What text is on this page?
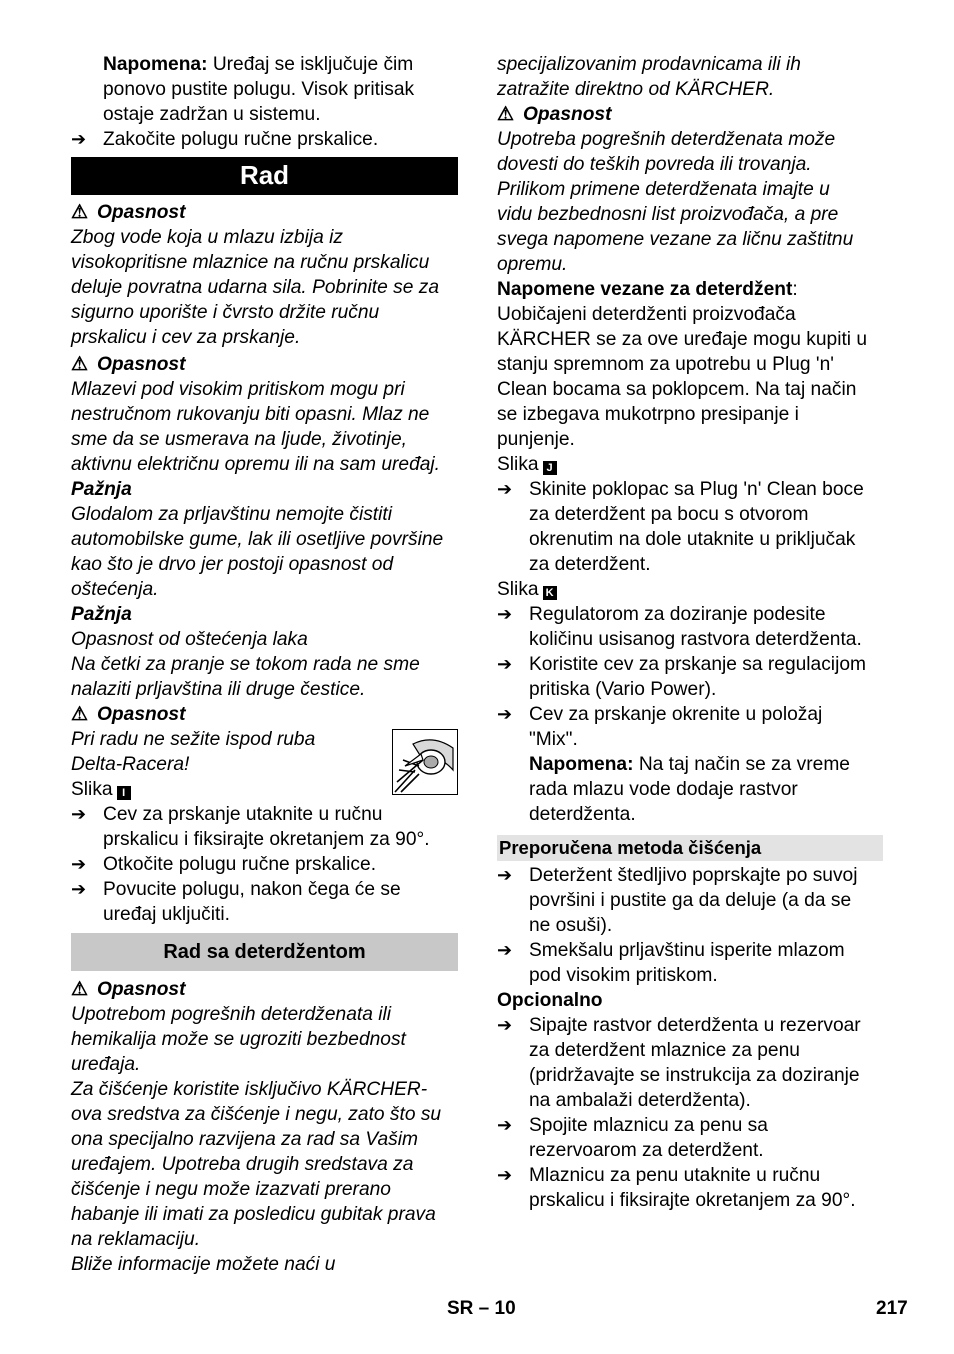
Napomena: Uređaj se isključuje čim
ponovo pustite polugu. Visok pritisak
ostaje zadržan u sistemu.

➔ Zakočite polugu ručne prskalice.

Rad

⚠ Opasnost

Zbog vode koja u mlazu izbija iz
visokopritisne mlaznice na ručnu prskalicu
deluje povratna udarna sila. Pobrinite se za
sigurno uporište i čvrsto držite ručnu
prskalicu i cev za prskanje.

⚠ Opasnost

Mlazevi pod visokim pritiskom mogu pri
nestručnom rukovanju biti opasni. Mlaz ne
sme da se usmerava na ljude, životinje,
aktivnu električnu opremu ili na sam uređaj.

Pažnja

Glodalom za prljavštinu nemojte čistiti
automobilske gume, lak ili osetljive površine
kao što je drvo jer postoji opasnost od
oštećenja.

Pažnja

Opasnost od oštećenja laka
Na četki za pranje se tokom rada ne sme
nalaziti prljavština ili druge čestice.

⚠ Opasnost

Pri radu ne sežite ispod ruba
Delta-Racera!

Slika I

➔ Cev za prskanje utaknite u ručnu
prskalicu i fiksirajte okretanjem za 90°.

➔ Otkočite polugu ručne prskalice.

➔ Povucite polugu, nakon čega će se
uređaj uključiti.

Rad sa deterdžentom

⚠ Opasnost

Upotrebom pogrešnih deterdženata ili
hemikalija može se ugroziti bezbednost
uređaja.
Za čišćenje koristite isključivo KÄRCHER-
ova sredstva za čišćenje i negu, zato što su
ona specijalno razvijena za rad sa Vašim
uređajem. Upotreba drugih sredstava za
čišćenje i negu može izazvati prerano
habanje ili imati za posledicu gubitak prava
na reklamaciju.
Bliže informacije možete naći u

specijalizovanim prodavnicama ili ih
zatražite direktno od KÄRCHER.

⚠ Opasnost

Upotreba pogrešnih deterdženata može
dovesti do teških povreda ili trovanja.
Prilikom primene deterdženata imajte u
vidu bezbednosni list proizvođača, a pre
svega napomene vezane za ličnu zaštitnu
opremu.

Napomene vezane za deterdžent:

Uobičajeni deterdženti proizvođača
KÄRCHER se za ove uređaje mogu kupiti u
stanju spremnom za upotrebu u Plug 'n'
Clean bocama sa poklopcem. Na taj način
se izbegava mukotrpno presipanje i
punjenje.

Slika J

➔ Skinite poklopac sa Plug 'n' Clean boce
za deterdžent pa bocu s otvorom
okrenutim na dole utaknite u priključak
za deterdžent.

Slika K

➔ Regulatorom za doziranje podesite
količinu usisanog rastvora deterdženta.

➔ Koristite cev za prskanje sa regulacijom
pritiska (Vario Power).

➔ Cev za prskanje okrenite u položaj
"Mix".

Napomena: Na taj način se za vreme
rada mlazu vode dodaje rastvor
deterdženta.

Preporučena metoda čišćenja

➔ Deteržent štedljivo poprskajte po suvoj
površini i pustite ga da deluje (a da se
ne osuši).

➔ Smekšalu prljavštinu isperite mlazom
pod visokim pritiskom.

Opcionalno

➔ Sipajte rastvor deterdženta u rezervoar
za deterdžent mlaznice za penu
(pridržavajte se instrukcija za doziranje
na ambalaži deterdženta).

➔ Spojite mlaznicu za penu sa
rezervoarom za deterdžent.

➔ Mlaznicu za penu utaknite u ručnu
prskalicu i fiksirajte okretanjem za 90°.

SR – 10	217
